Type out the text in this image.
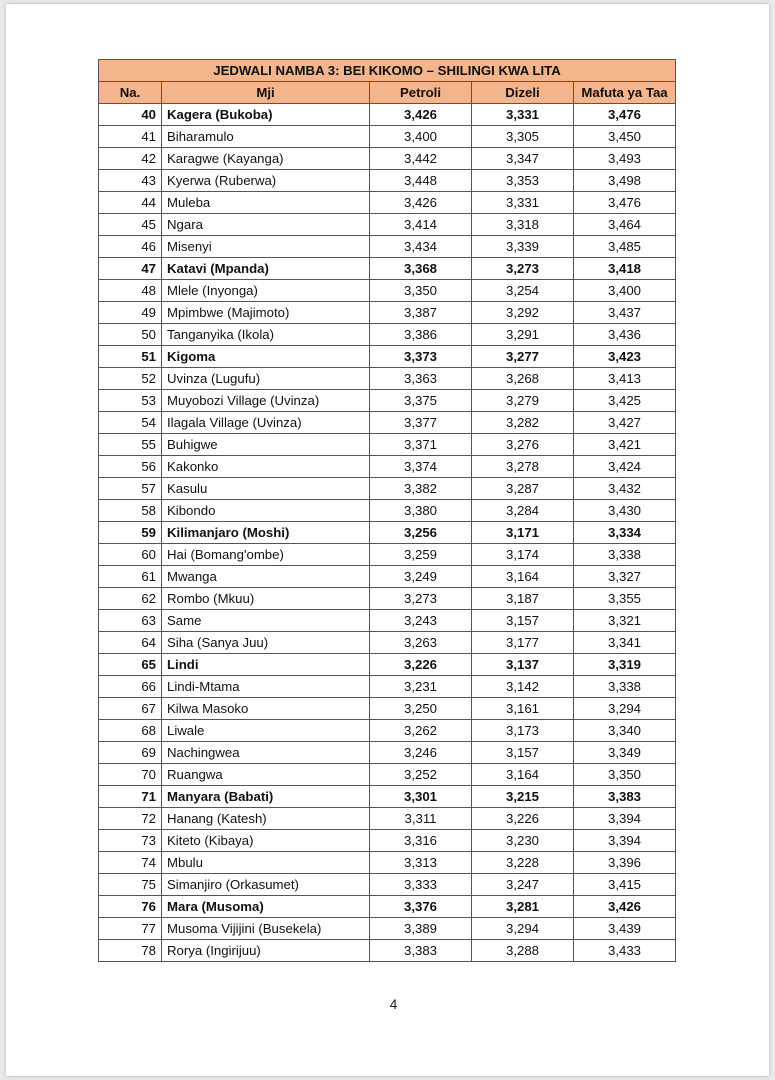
JEDWALI NAMBA 3: BEI KIKOMO – SHILINGI KWA LITA				
Na.	Mji	Petroli	Dizeli	Mafuta ya Taa
40	Kagera (Bukoba)	3,426	3,331	3,476
41	Biharamulo	3,400	3,305	3,450
42	Karagwe (Kayanga)	3,442	3,347	3,493
43	Kyerwa (Ruberwa)	3,448	3,353	3,498
44	Muleba	3,426	3,331	3,476
45	Ngara	3,414	3,318	3,464
46	Misenyi	3,434	3,339	3,485
47	Katavi (Mpanda)	3,368	3,273	3,418
48	Mlele (Inyonga)	3,350	3,254	3,400
49	Mpimbwe (Majimoto)	3,387	3,292	3,437
50	Tanganyika (Ikola)	3,386	3,291	3,436
51	Kigoma	3,373	3,277	3,423
52	Uvinza (Lugufu)	3,363	3,268	3,413
53	Muyobozi Village (Uvinza)	3,375	3,279	3,425
54	Ilagala Village (Uvinza)	3,377	3,282	3,427
55	Buhigwe	3,371	3,276	3,421
56	Kakonko	3,374	3,278	3,424
57	Kasulu	3,382	3,287	3,432
58	Kibondo	3,380	3,284	3,430
59	Kilimanjaro (Moshi)	3,256	3,171	3,334
60	Hai (Bomang'ombe)	3,259	3,174	3,338
61	Mwanga	3,249	3,164	3,327
62	Rombo (Mkuu)	3,273	3,187	3,355
63	Same	3,243	3,157	3,321
64	Siha (Sanya Juu)	3,263	3,177	3,341
65	Lindi	3,226	3,137	3,319
66	Lindi-Mtama	3,231	3,142	3,338
67	Kilwa Masoko	3,250	3,161	3,294
68	Liwale	3,262	3,173	3,340
69	Nachingwea	3,246	3,157	3,349
70	Ruangwa	3,252	3,164	3,350
71	Manyara (Babati)	3,301	3,215	3,383
72	Hanang (Katesh)	3,311	3,226	3,394
73	Kiteto (Kibaya)	3,316	3,230	3,394
74	Mbulu	3,313	3,228	3,396
75	Simanjiro (Orkasumet)	3,333	3,247	3,415
76	Mara (Musoma)	3,376	3,281	3,426
77	Musoma Vijijini (Busekela)	3,389	3,294	3,439
78	Rorya (Ingirijuu)	3,383	3,288	3,433
4
